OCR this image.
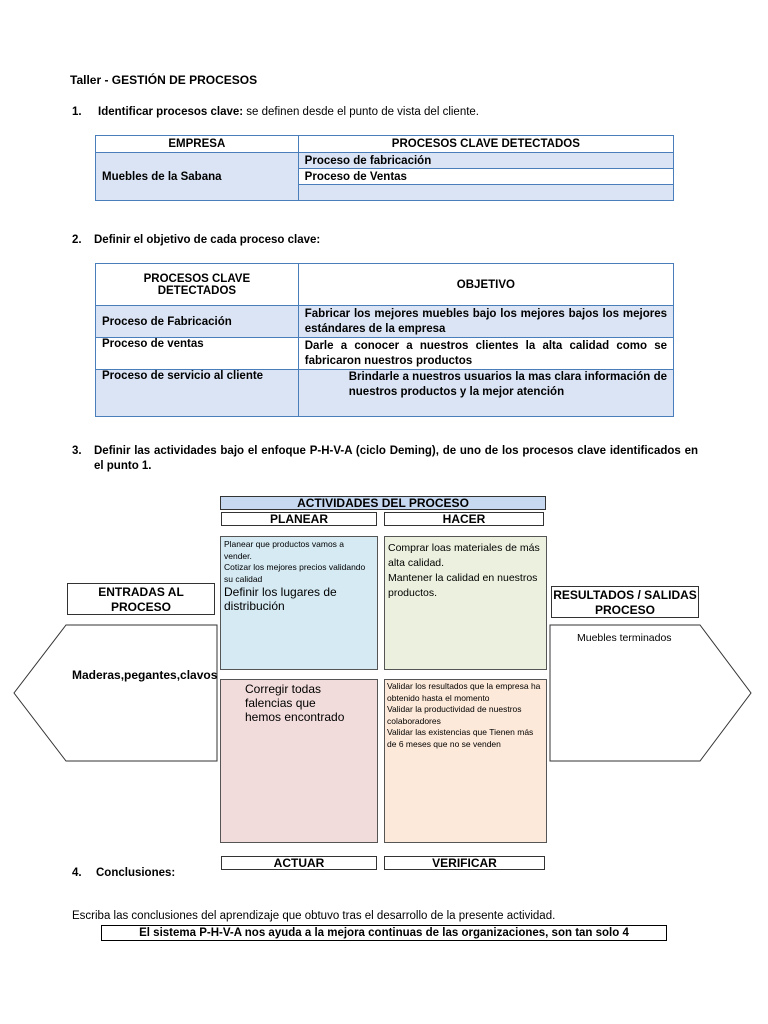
Taller - GESTIÓN DE PROCESOS
1. Identificar procesos clave: se definen desde el punto de vista del cliente.
EMPRESA	PROCESOS CLAVE DETECTADOS
Muebles de la Sabana	Proceso de fabricación
	Proceso de Ventas

2. Definir el objetivo de cada proceso clave:
PROCESOS CLAVE DETECTADOS	OBJETIVO
Proceso de Fabricación	Fabricar los mejores muebles bajo los mejores bajos los mejores estándares de la empresa
Proceso de ventas	Darle a conocer a nuestros clientes la alta calidad como se fabricaron nuestros productos
Proceso de servicio al cliente	Brindarle a nuestros usuarios la mas clara información de nuestros productos y la mejor atención
3.	Definir las actividades bajo el enfoque P-H-V-A (ciclo Deming), de uno de los procesos clave identificados en el punto 1.
ACTIVIDADES DEL PROCESO
PLANEAR	HACER
Planear que productos vamos a vender.
Cotizar los mejores precios validando su calidad
Definir los lugares de distribución
Comprar loas materiales de más alta calidad.
Mantener la calidad en nuestros productos.
Corregir todas falencias que hemos encontrado
Validar los resultados que la empresa ha obtenido hasta el momento
Validar la productividad de nuestros colaboradores
Validar las existencias que Tienen más de 6 meses que no se venden
ACTUAR	VERIFICAR
ENTRADAS AL PROCESO
Maderas,pegantes,clavos
RESULTADOS / SALIDAS PROCESO
Muebles terminados
4. Conclusiones:
Escriba las conclusiones del aprendizaje que obtuvo tras el desarrollo de la presente actividad.
El sistema P-H-V-A nos ayuda a la mejora continuas de las organizaciones, son tan solo 4
